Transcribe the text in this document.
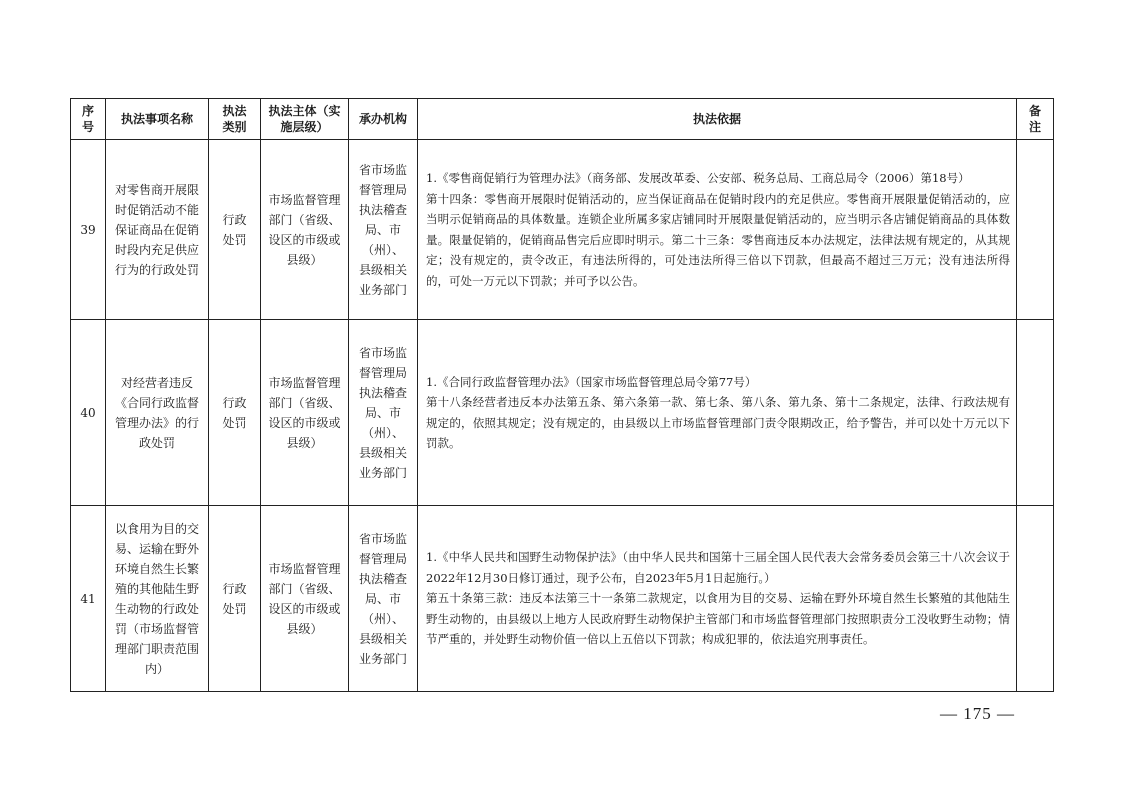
序号	执法事项名称	执法类别	执法主体（实施层级）	承办机构	执法依据	备注
39	对零售商开展限时促销活动不能保证商品在促销时段内充足供应行为的行政处罚	行政处罚	市场监督管理部门（省级、设区的市级或县级）	省市场监督管理局执法稽查局、市（州）、县级相关业务部门	1.《零售商促销行为管理办法》（商务部、发展改革委、公安部、税务总局、工商总局令（2006）第18号）
第十四条：零售商开展限时促销活动的，应当保证商品在促销时段内的充足供应。零售商开展限量促销活动的，应当明示促销商品的具体数量。连锁企业所属多家店铺同时开展限量促销活动的，应当明示各店铺促销商品的具体数量。限量促销的，促销商品售完后应即时明示。第二十三条：零售商违反本办法规定，法律法规有规定的，从其规定；没有规定的，责令改正，有违法所得的，可处违法所得三倍以下罚款，但最高不超过三万元；没有违法所得的，可处一万元以下罚款；并可予以公告。	

40	对经营者违反《合同行政监督管理办法》的行政处罚	行政处罚	市场监督管理部门（省级、设区的市级或县级）	省市场监督管理局执法稽查局、市（州）、县级相关业务部门	1.《合同行政监督管理办法》（国家市场监督管理总局令第77号）
第十八条经营者违反本办法第五条、第六条第一款、第七条、第八条、第九条、第十二条规定，法律、行政法规有规定的，依照其规定；没有规定的，由县级以上市场监督管理部门责令限期改正，给予警告，并可以处十万元以下罚款。	

41	以食用为目的交易、运输在野外环境自然生长繁殖的其他陆生野生动物的行政处罚（市场监督管理部门职责范围内）	行政处罚	市场监督管理部门（省级、设区的市级或县级）	省市场监督管理局执法稽查局、市（州）、县级相关业务部门	1.《中华人民共和国野生动物保护法》（由中华人民共和国第十三届全国人民代表大会常务委员会第三十八次会议于2022年12月30日修订通过，现予公布，自2023年5月1日起施行。）
第五十条第三款：违反本法第三十一条第二款规定，以食用为目的交易、运输在野外环境自然生长繁殖的其他陆生野生动物的，由县级以上地方人民政府野生动物保护主管部门和市场监督管理部门按照职责分工没收野生动物；情节严重的，并处野生动物价值一倍以上五倍以下罚款；构成犯罪的，依法追究刑事责任。	

— 175 —
